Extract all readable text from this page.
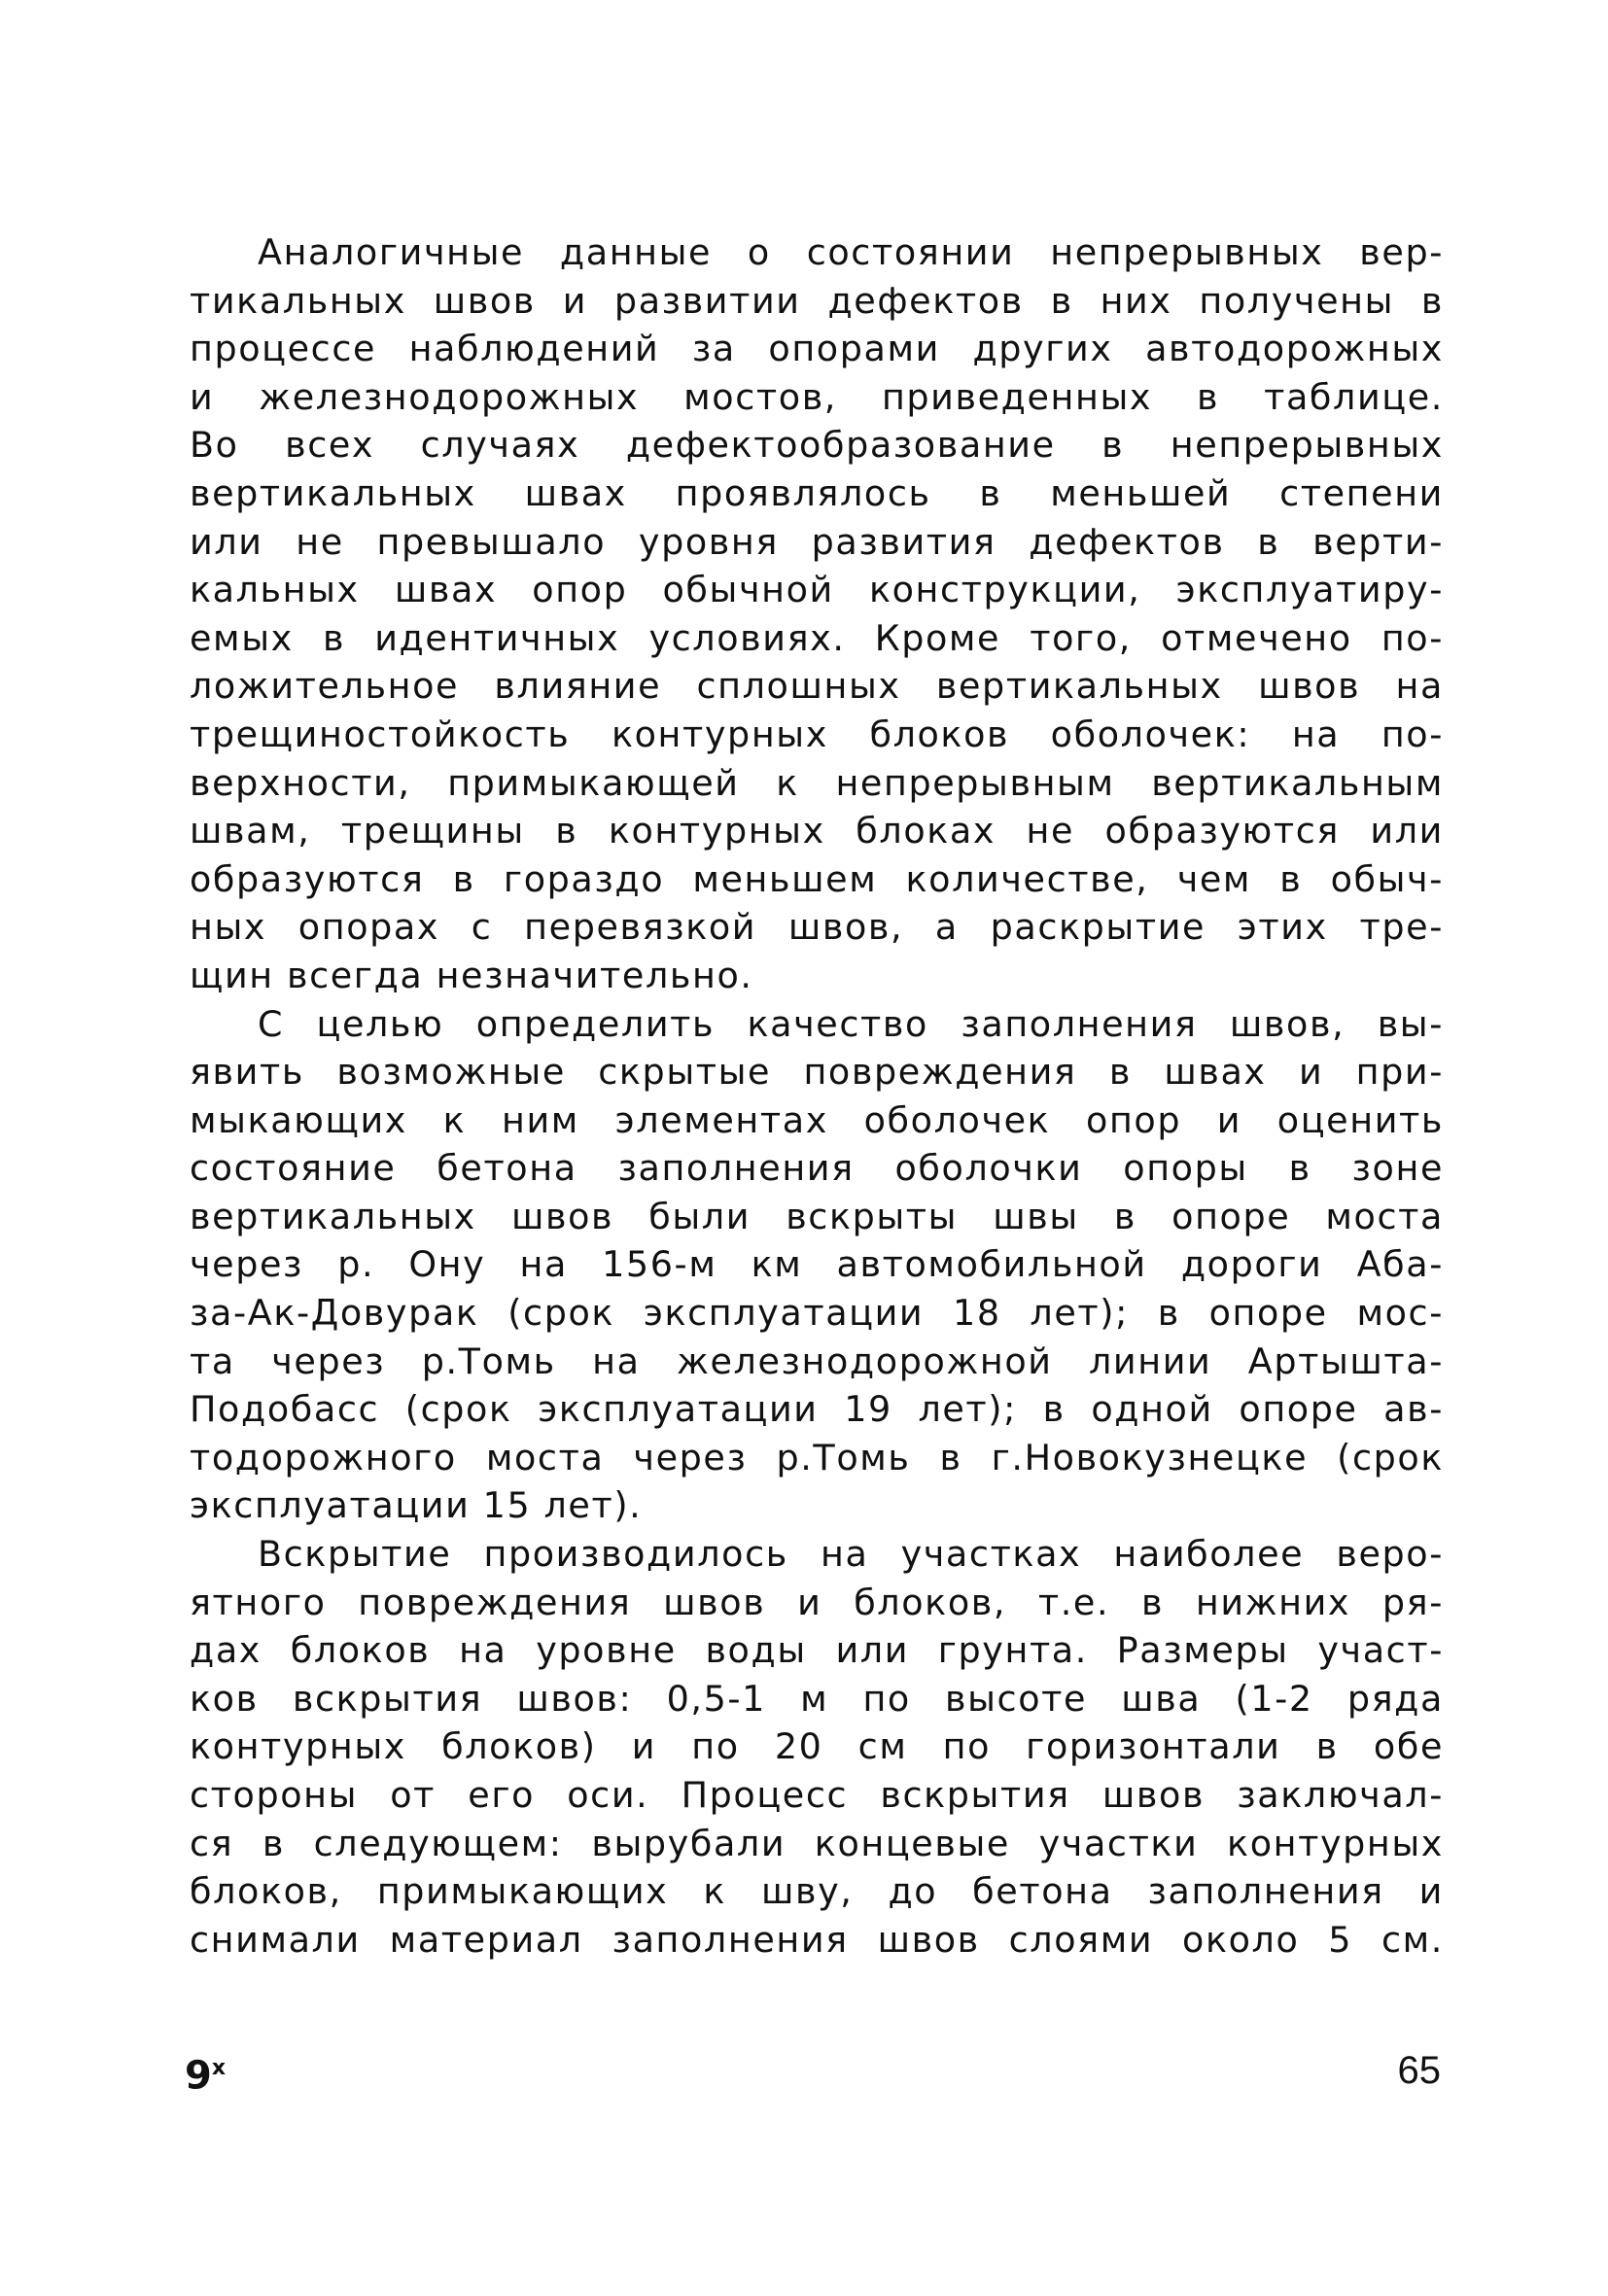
Аналогичные данные о состоянии непрерывных вер-
тикальных швов и развитии дефектов в них получены в
процессе наблюдений за опорами других автодорожных
и железнодорожных мостов, приведенных в таблице.
Во всех случаях дефектообразование в непрерывных
вертикальных швах проявлялось в меньшей степени
или не превышало уровня развития дефектов в верти-
кальных швах опор обычной конструкции, эксплуатиру-
емых в идентичных условиях. Кроме того, отмечено по-
ложительное влияние сплошных вертикальных швов на
трещиностойкость контурных блоков оболочек: на по-
верхности, примыкающей к непрерывным вертикальным
швам, трещины в контурных блоках не образуются или
образуются в гораздо меньшем количестве, чем в обыч-
ных опорах с перевязкой швов, а раскрытие этих тре-
щин всегда незначительно.
С целью определить качество заполнения швов, вы-
явить возможные скрытые повреждения в швах и при-
мыкающих к ним элементах оболочек опор и оценить
состояние бетона заполнения оболочки опоры в зоне
вертикальных швов были вскрыты швы в опоре моста
через р. Ону на 156-м км автомобильной дороги Аба-
за-Ак-Довурак (срок эксплуатации 18 лет); в опоре мос-
та через р.Томь на железнодорожной линии Артышта-
Подобасс (срок эксплуатации 19 лет); в одной опоре ав-
тодорожного моста через р.Томь в г.Новокузнецке (срок
эксплуатации 15 лет).
Вскрытие производилось на участках наиболее веро-
ятного повреждения швов и блоков, т.е. в нижних ря-
дах блоков на уровне воды или грунта. Размеры участ-
ков вскрытия швов: 0,5-1 м по высоте шва (1-2 ряда
контурных блоков) и по 20 см по горизонтали в обе
стороны от его оси. Процесс вскрытия швов заключал-
ся в следующем: вырубали концевые участки контурных
блоков, примыкающих к шву, до бетона заполнения и
снимали материал заполнения швов слоями около 5 см.
9$^x$	65
